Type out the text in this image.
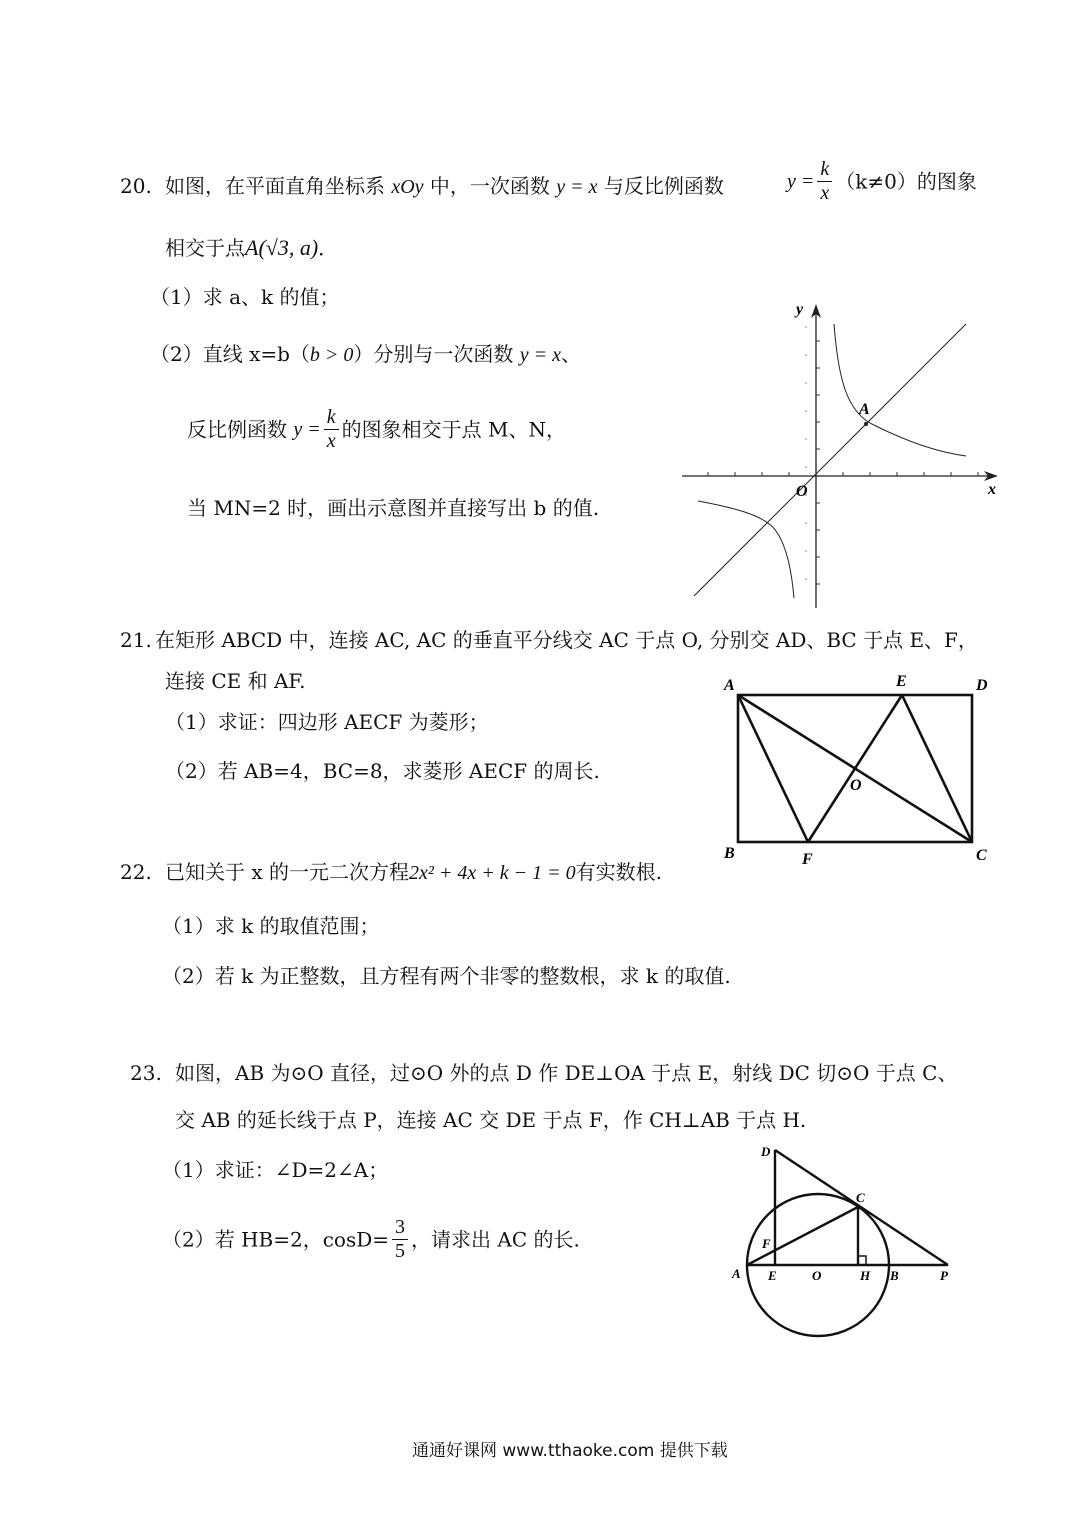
20. 如图，在平面直角坐标系 xOy 中，一次函数 y = x 与反比例函数	$y = \frac{k}{x} (k\ne 0)$的图象
相交于点A(√3, a)．
（1）求 a、k 的值；
（2）直线 x=b（b > 0）分别与一次函数 y = x、
反比例函数 $y = \frac{k}{x}$ 的图象相交于点 M、N，
当 MN=2 时，画出示意图并直接写出 b 的值.
y
x
O
A
21. 在矩形 ABCD 中，连接 AC, AC 的垂直平分线交 AC 于点 O, 分别交 AD、BC 于点 E、F，
连接 CE 和 AF.
（1）求证：四边形 AECF 为菱形；
（2）若 AB=4，BC=8，求菱形 AECF 的周长.
A	E	D
O
B	F	C
22. 已知关于 x 的一元二次方程2x² + 4x + k − 1 = 0有实数根.
（1）求 k 的取值范围；
（2）若 k 为正整数，且方程有两个非零的整数根，求 k 的取值.
23. 如图，AB 为⊙O 直径，过⊙O 外的点 D 作 DE⊥OA 于点 E，射线 DC 切⊙O 于点 C、
交 AB 的延长线于点 P，连接 AC 交 DE 于点 F，作 CH⊥AB 于点 H.
（1）求证：∠D=2∠A；
（2）若 HB=2，$\cos D= \frac{3}{5}$ ，请求出 AC 的长.
D
C
F
A E	O	H B	P
通通好课网 www.tthaoke.com 提供下载
